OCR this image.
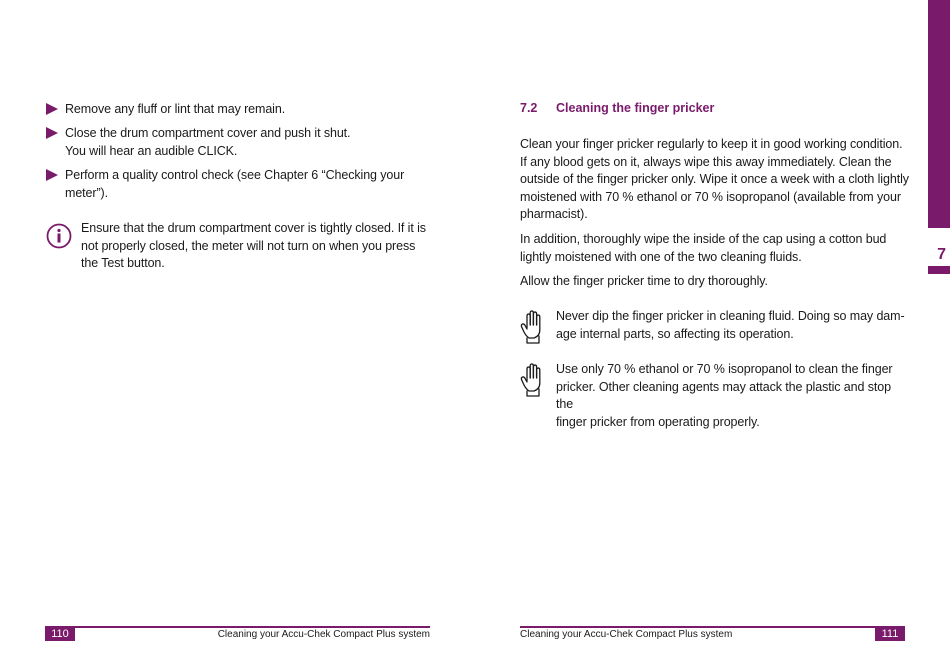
Remove any fluff or lint that may remain.
Close the drum compartment cover and push it shut.
You will hear an audible CLICK.
Perform a quality control check (see Chapter 6 “Checking your
meter”).
Ensure that the drum compartment cover is tightly closed. If it is
not properly closed, the meter will not turn on when you press
the Test button.
110	Cleaning your Accu-Chek Compact Plus system
7.2 Cleaning the finger pricker
Clean your finger pricker regularly to keep it in good working condition.
If any blood gets on it, always wipe this away immediately. Clean the
outside of the finger pricker only. Wipe it once a week with a cloth lightly
moistened with 70 % ethanol or 70 % isopropanol (available from your
pharmacist).
In addition, thoroughly wipe the inside of the cap using a cotton bud
lightly moistened with one of the two cleaning fluids.
Allow the finger pricker time to dry thoroughly.
Never dip the finger pricker in cleaning fluid. Doing so may dam-
age internal parts, so affecting its operation.
Use only 70 % ethanol or 70 % isopropanol to clean the finger
pricker. Other cleaning agents may attack the plastic and stop the
finger pricker from operating properly.
Cleaning your Accu-Chek Compact Plus system	111
7
